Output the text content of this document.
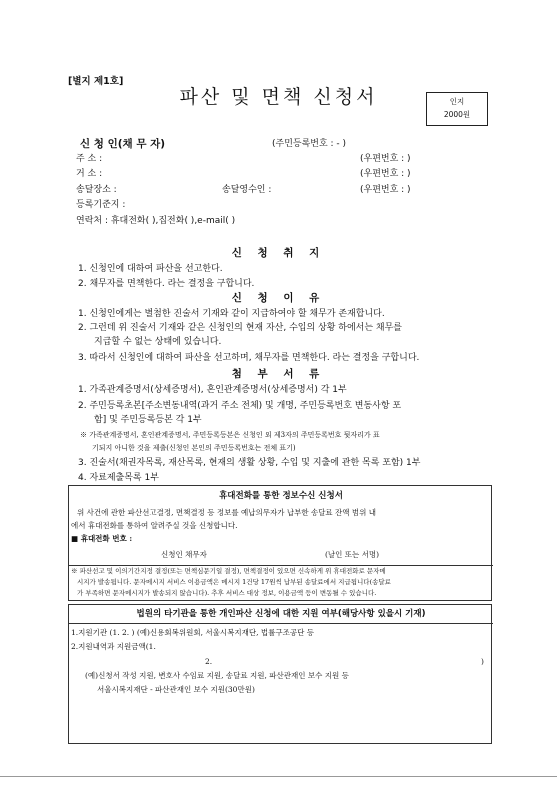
[별지 제1호]
파산 및 면책 신청서	인지
2000원
신 청 인(채 무 자)	(주민등록번호 : - )
주 소 :	(우편번호 : )
거 소 :	(우편번호 : )
송달장소 :	송달영수인 :	(우편번호 : )
등록기준지 :
연락처 : 휴대전화( ),집전화( ),e-mail( )
신 청 취 지
1. 신청인에 대하여 파산을 선고한다.
2. 채무자를 면책한다. 라는 결정을 구합니다.
신 청 이 유
1. 신청인에게는 별첨한 진술서 기재와 같이 지급하여야 할 채무가 존재합니다.
2. 그런데 위 진술서 기재와 같은 신청인의 현재 자산, 수입의 상황 하에서는 채무를
지급할 수 없는 상태에 있습니다.
3. 따라서 신청인에 대하여 파산을 선고하며, 채무자를 면책한다. 라는 결정을 구합니다.
첨 부 서 류
1. 가족관계증명서(상세증명서), 혼인관계증명서(상세증명서) 각 1부
2. 주민등록초본[주소변동내역(과거 주소 전체) 및 개명, 주민등록번호 변동사항 포
함] 및 주민등록등본 각 1부
※ 가족관계증명서, 혼인관계증명서, 주민등록등본은 신청인 외 제3자의 주민등록번호 뒷자리가 표
기되지 아니한 것을 제출(신청인 본인의 주민등록번호는 전체 표기)
3. 진술서(채권자목록, 재산목록, 현재의 생활 상황, 수입 및 지출에 관한 목록 포함) 1부
4. 자료제출목록 1부
휴대전화를 통한 정보수신 신청서
위 사건에 관한 파산선고결정, 면책결정 등 정보를 예납의무자가 납부한 송달료 잔액 범위 내
에서 휴대전화를 통하여 알려주실 것을 신청합니다.
■ 휴대전화 번호 :
신청인 채무자	(날인 또는 서명)
※ 파산선고 및 이의기간지정 결정(또는 면책심문기일 결정), 면책결정이 있으면 신속하게 위 휴대전화로 문자메
시지가 발송됩니다. 문자메시지 서비스 이용금액은 메시지 1건당 17원씩 납부된 송달료에서 지급됩니다(송달료
가 부족하면 문자메시지가 발송되지 않습니다). 추후 서비스 대상 정보, 이용금액 등이 변동될 수 있습니다.
법원의 타기관을 통한 개인파산 신청에 대한 지원 여부(해당사항 있을시 기재)
1.지원기관 (1. 2. ) (예)신용회복위원회, 서울시복지재단, 법률구조공단 등
2.지원내역과 지원금액(1.
2.	)
(예)신청서 작성 지원, 변호사 수임료 지원, 송달료 지원, 파산관재인 보수 지원 등
서울시복지재단 - 파산관재인 보수 지원(30만원)
